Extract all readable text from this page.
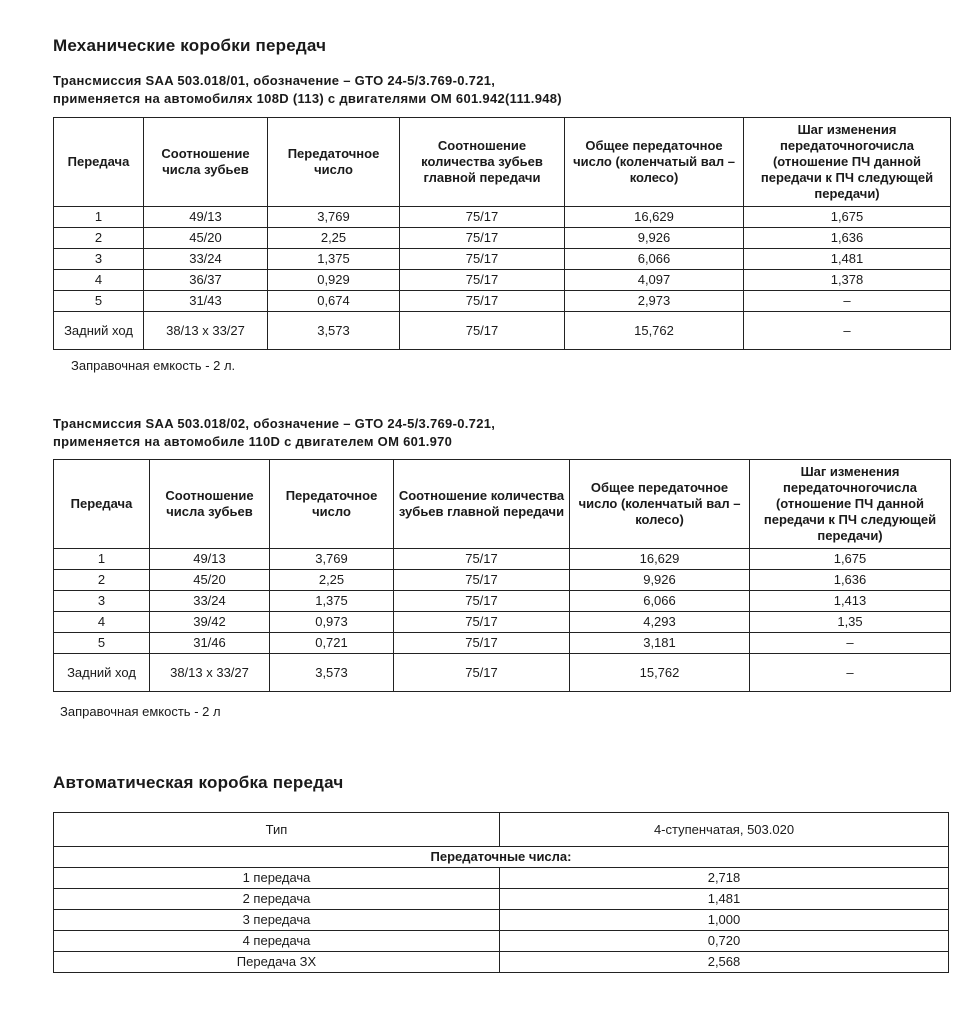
Механические коробки передач
Трансмиссия SAA 503.018/01, обозначение – GTO 24-5/3.769-0.721,
применяется на автомобилях 108D (113) с двигателями OM 601.942(111.948)
Передача	Соотношение числа зубьев	Передаточное число	Соотношение количества зубьев главной передачи	Общее передаточное число (коленчатый вал – колесо)	Шаг изменения передаточногочисла (отношение ПЧ данной передачи к ПЧ следующей передачи)
1	49/13	3,769	75/17	16,629	1,675
2	45/20	2,25	75/17	9,926	1,636
3	33/24	1,375	75/17	6,066	1,481
4	36/37	0,929	75/17	4,097	1,378
5	31/43	0,674	75/17	2,973	–
Задний ход	38/13 x 33/27	3,573	75/17	15,762	–

Заправочная емкость - 2 л.

Трансмиссия SAA 503.018/02, обозначение – GTO 24-5/3.769-0.721,
применяется на автомобиле 110D с двигателем OM 601.970
Передача	Соотношение числа зубьев	Передаточное число	Соотношение количества зубьев главной передачи	Общее передаточное число (коленчатый вал – колесо)	Шаг изменения передаточногочисла (отношение ПЧ данной передачи к ПЧ следующей передачи)
1	49/13	3,769	75/17	16,629	1,675
2	45/20	2,25	75/17	9,926	1,636
3	33/24	1,375	75/17	6,066	1,413
4	39/42	0,973	75/17	4,293	1,35
5	31/46	0,721	75/17	3,181	–
Задний ход	38/13 x 33/27	3,573	75/17	15,762	–

Заправочная емкость - 2 л

Автоматическая коробка передач
Тип	4-ступенчатая, 503.020
Передаточные числа:	
1 передача	2,718
2 передача	1,481
3 передача	1,000
4 передача	0,720
Передача ЗХ	2,568
